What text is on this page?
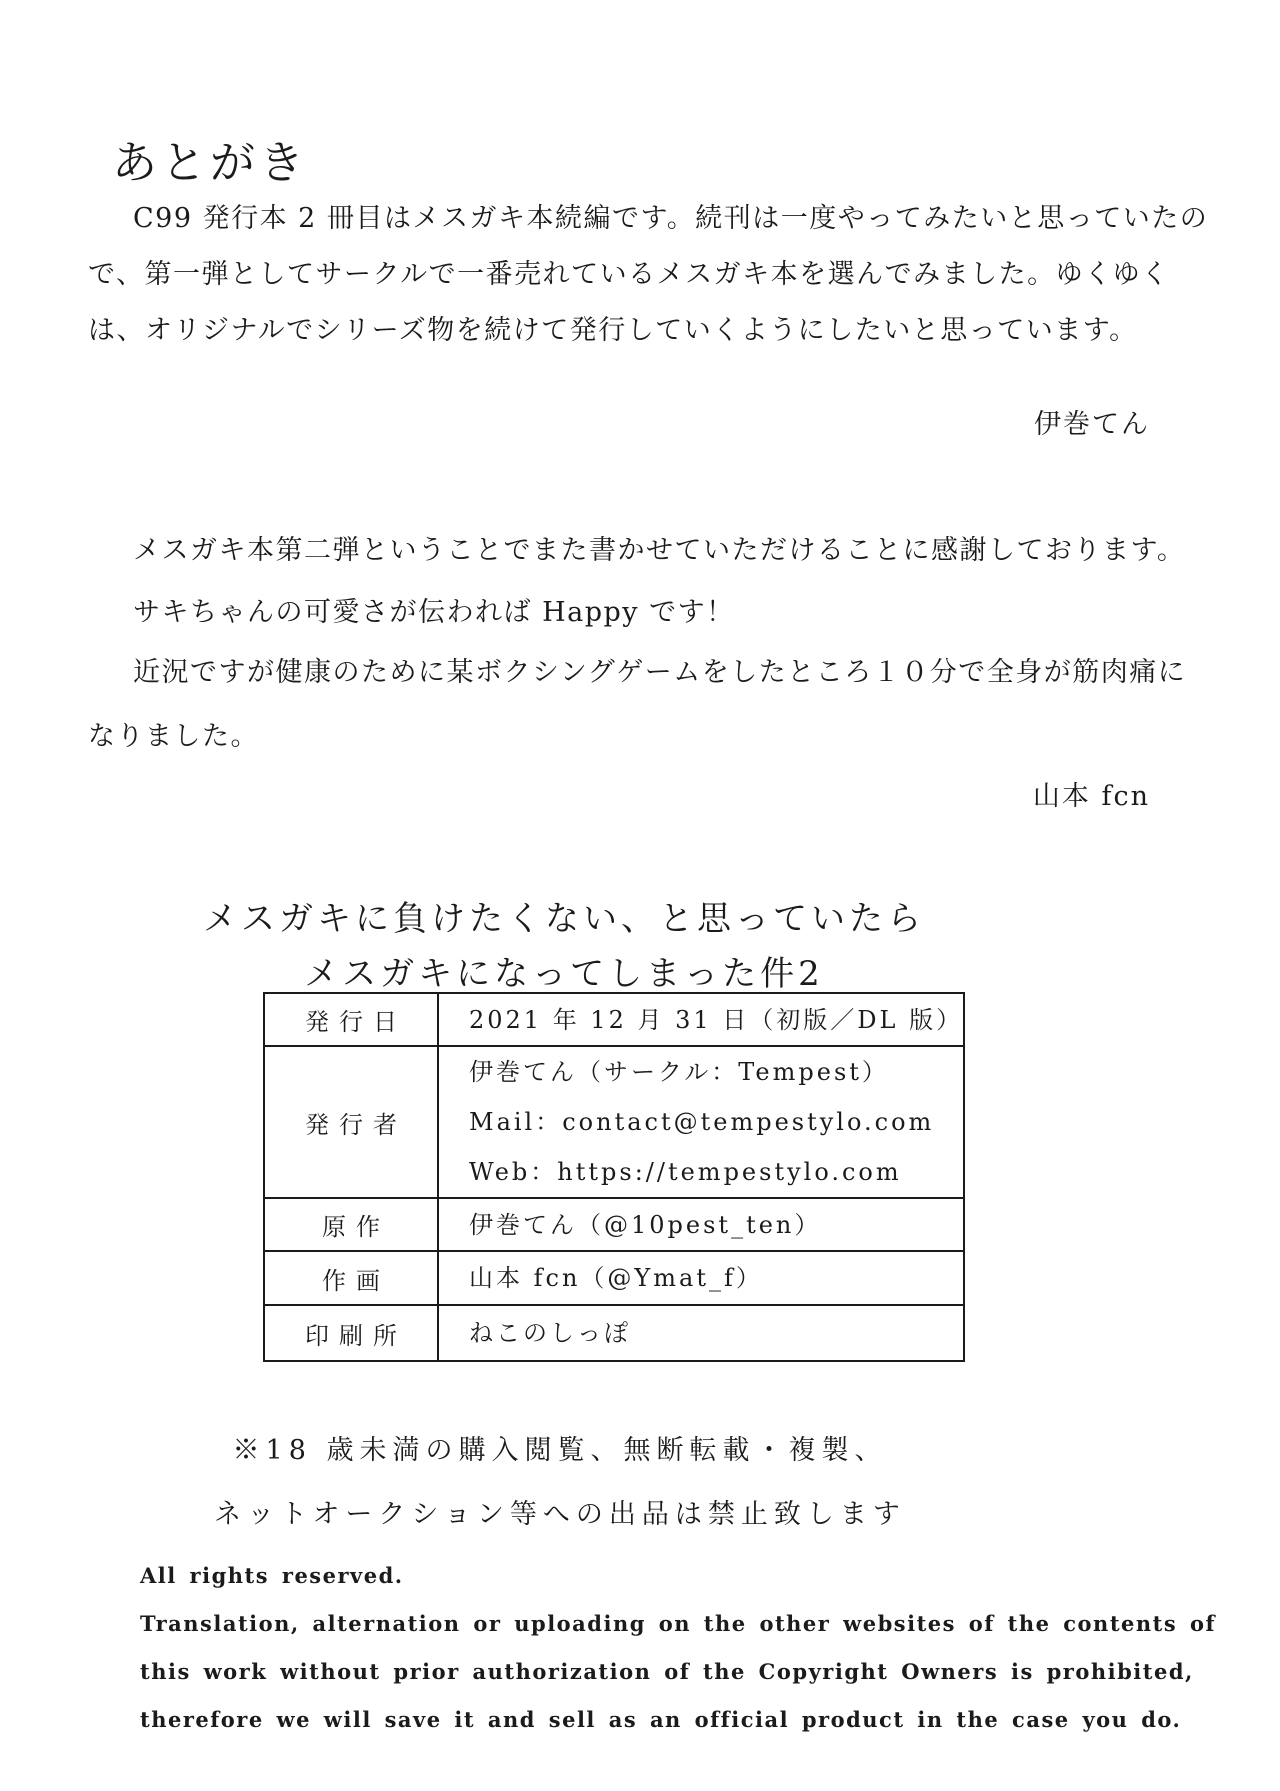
あとがき
C99 発行本 2 冊目はメスガキ本続編です。続刊は一度やってみたいと思っていたの
で、第一弾としてサークルで一番売れているメスガキ本を選んでみました。ゆくゆく
は、オリジナルでシリーズ物を続けて発行していくようにしたいと思っています。
伊巻てん
メスガキ本第二弾ということでまた書かせていただけることに感謝しております。
サキちゃんの可愛さが伝われば Happy です！
近況ですが健康のために某ボクシングゲームをしたところ１０分で全身が筋肉痛に
なりました。
山本 fcn
メスガキに負けたくない、と思っていたら
メスガキになってしまった件2
発行日	2021 年 12 月 31 日（初版／DL 版）

発行者	伊巻てん（サークル：Tempest）
Mail：contact@tempestylo.com
Web：https://tempestylo.com

原作	伊巻てん（@10pest_ten）

作画	山本 fcn（@Ymat_f）

印刷所	ねこのしっぽ
※18 歳未満の購入閲覧、無断転載・複製、
ネットオークション等への出品は禁止致します
All rights reserved.
Translation, alternation or uploading on the other websites of the contents of
this work without prior authorization of the Copyright Owners is prohibited,
therefore we will save it and sell as an official product in the case you do.
